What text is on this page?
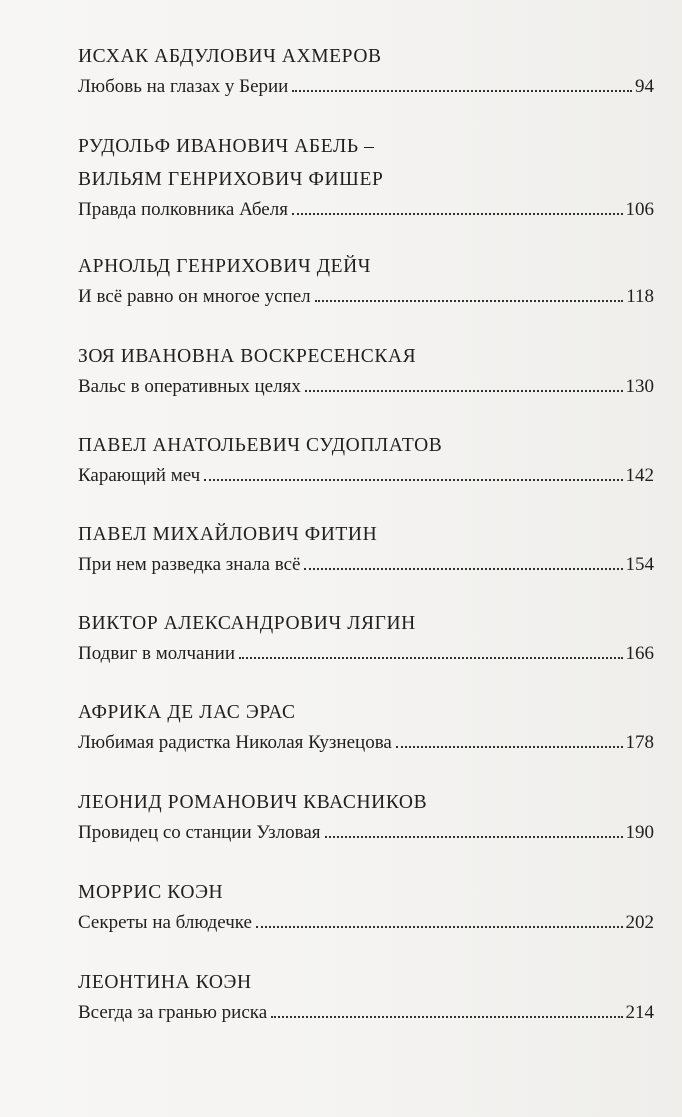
ИСХАК АБДУЛОВИЧ АХМЕРОВ

Любовь на глазах у Берии	94

РУДОЛЬФ ИВАНОВИЧ АБЕЛЬ –

ВИЛЬЯМ ГЕНРИХОВИЧ ФИШЕР

Правда полковника Абеля	106

АРНОЛЬД ГЕНРИХОВИЧ ДЕЙЧ

И всё равно он многое успел	118

ЗОЯ ИВАНОВНА ВОСКРЕСЕНСКАЯ

Вальс в оперативных целях	130

ПАВЕЛ АНАТОЛЬЕВИЧ СУДОПЛАТОВ

Карающий меч	142

ПАВЕЛ МИХАЙЛОВИЧ ФИТИН

При нем разведка знала всё	154

ВИКТОР АЛЕКСАНДРОВИЧ ЛЯГИН

Подвиг в молчании	166

АФРИКА ДЕ ЛАС ЭРАС

Любимая радистка Николая Кузнецова	178

ЛЕОНИД РОМАНОВИЧ КВАСНИКОВ

Провидец со станции Узловая	190

МОРРИС КОЭН

Секреты на блюдечке	202

ЛЕОНТИНА КОЭН

Всегда за гранью риска	214
